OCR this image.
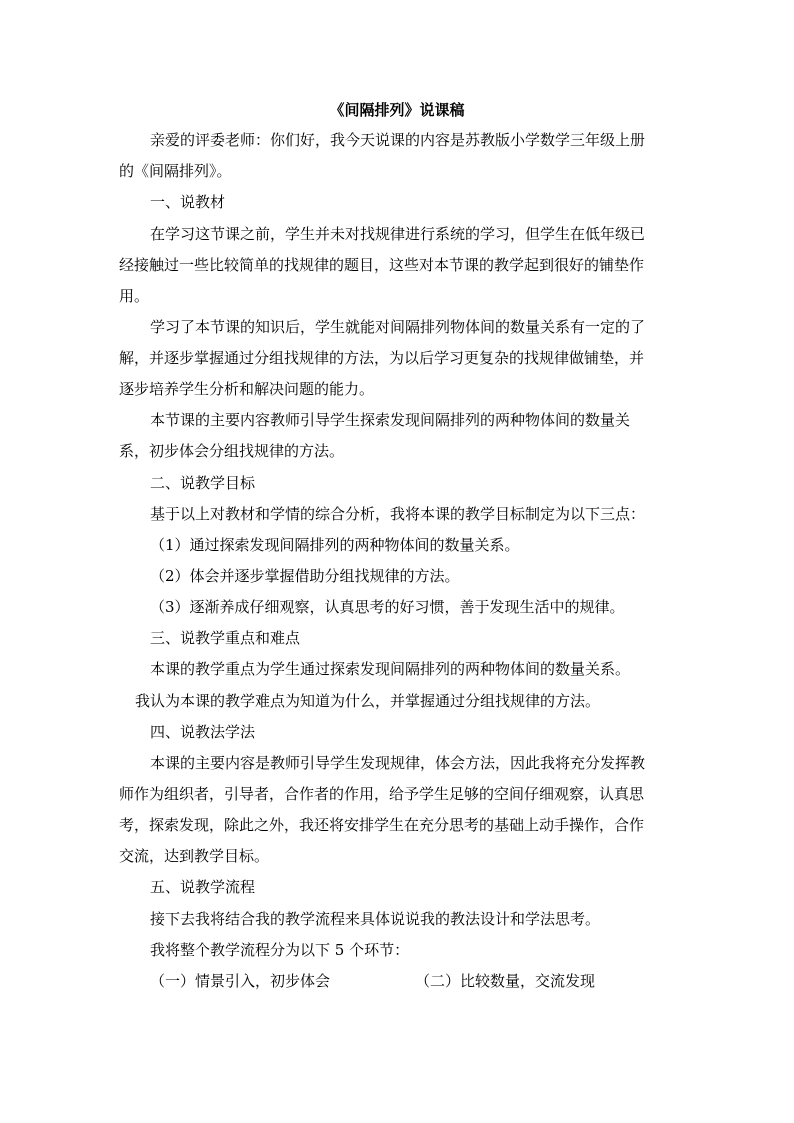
《间隔排列》说课稿
亲爱的评委老师：你们好，我今天说课的内容是苏教版小学数学三年级上册
的《间隔排列》。
一、说教材
在学习这节课之前，学生并未对找规律进行系统的学习，但学生在低年级已
经接触过一些比较简单的找规律的题目，这些对本节课的教学起到很好的铺垫作
用。
学习了本节课的知识后，学生就能对间隔排列物体间的数量关系有一定的了
解，并逐步掌握通过分组找规律的方法，为以后学习更复杂的找规律做铺垫，并
逐步培养学生分析和解决问题的能力。
本节课的主要内容教师引导学生探索发现间隔排列的两种物体间的数量关
系，初步体会分组找规律的方法。
二、说教学目标
基于以上对教材和学情的综合分析，我将本课的教学目标制定为以下三点：
（1）通过探索发现间隔排列的两种物体间的数量关系。
（2）体会并逐步掌握借助分组找规律的方法。
（3）逐渐养成仔细观察，认真思考的好习惯，善于发现生活中的规律。
三、说教学重点和难点
本课的教学重点为学生通过探索发现间隔排列的两种物体间的数量关系。
我认为本课的教学难点为知道为什么，并掌握通过分组找规律的方法。
四、说教法学法
本课的主要内容是教师引导学生发现规律，体会方法，因此我将充分发挥教
师作为组织者，引导者，合作者的作用，给予学生足够的空间仔细观察，认真思
考，探索发现，除此之外，我还将安排学生在充分思考的基础上动手操作，合作
交流，达到教学目标。
五、说教学流程
接下去我将结合我的教学流程来具体说说我的教法设计和学法思考。
我将整个教学流程分为以下 5 个环节：
（一）情景引入，初步体会	（二）比较数量，交流发现
